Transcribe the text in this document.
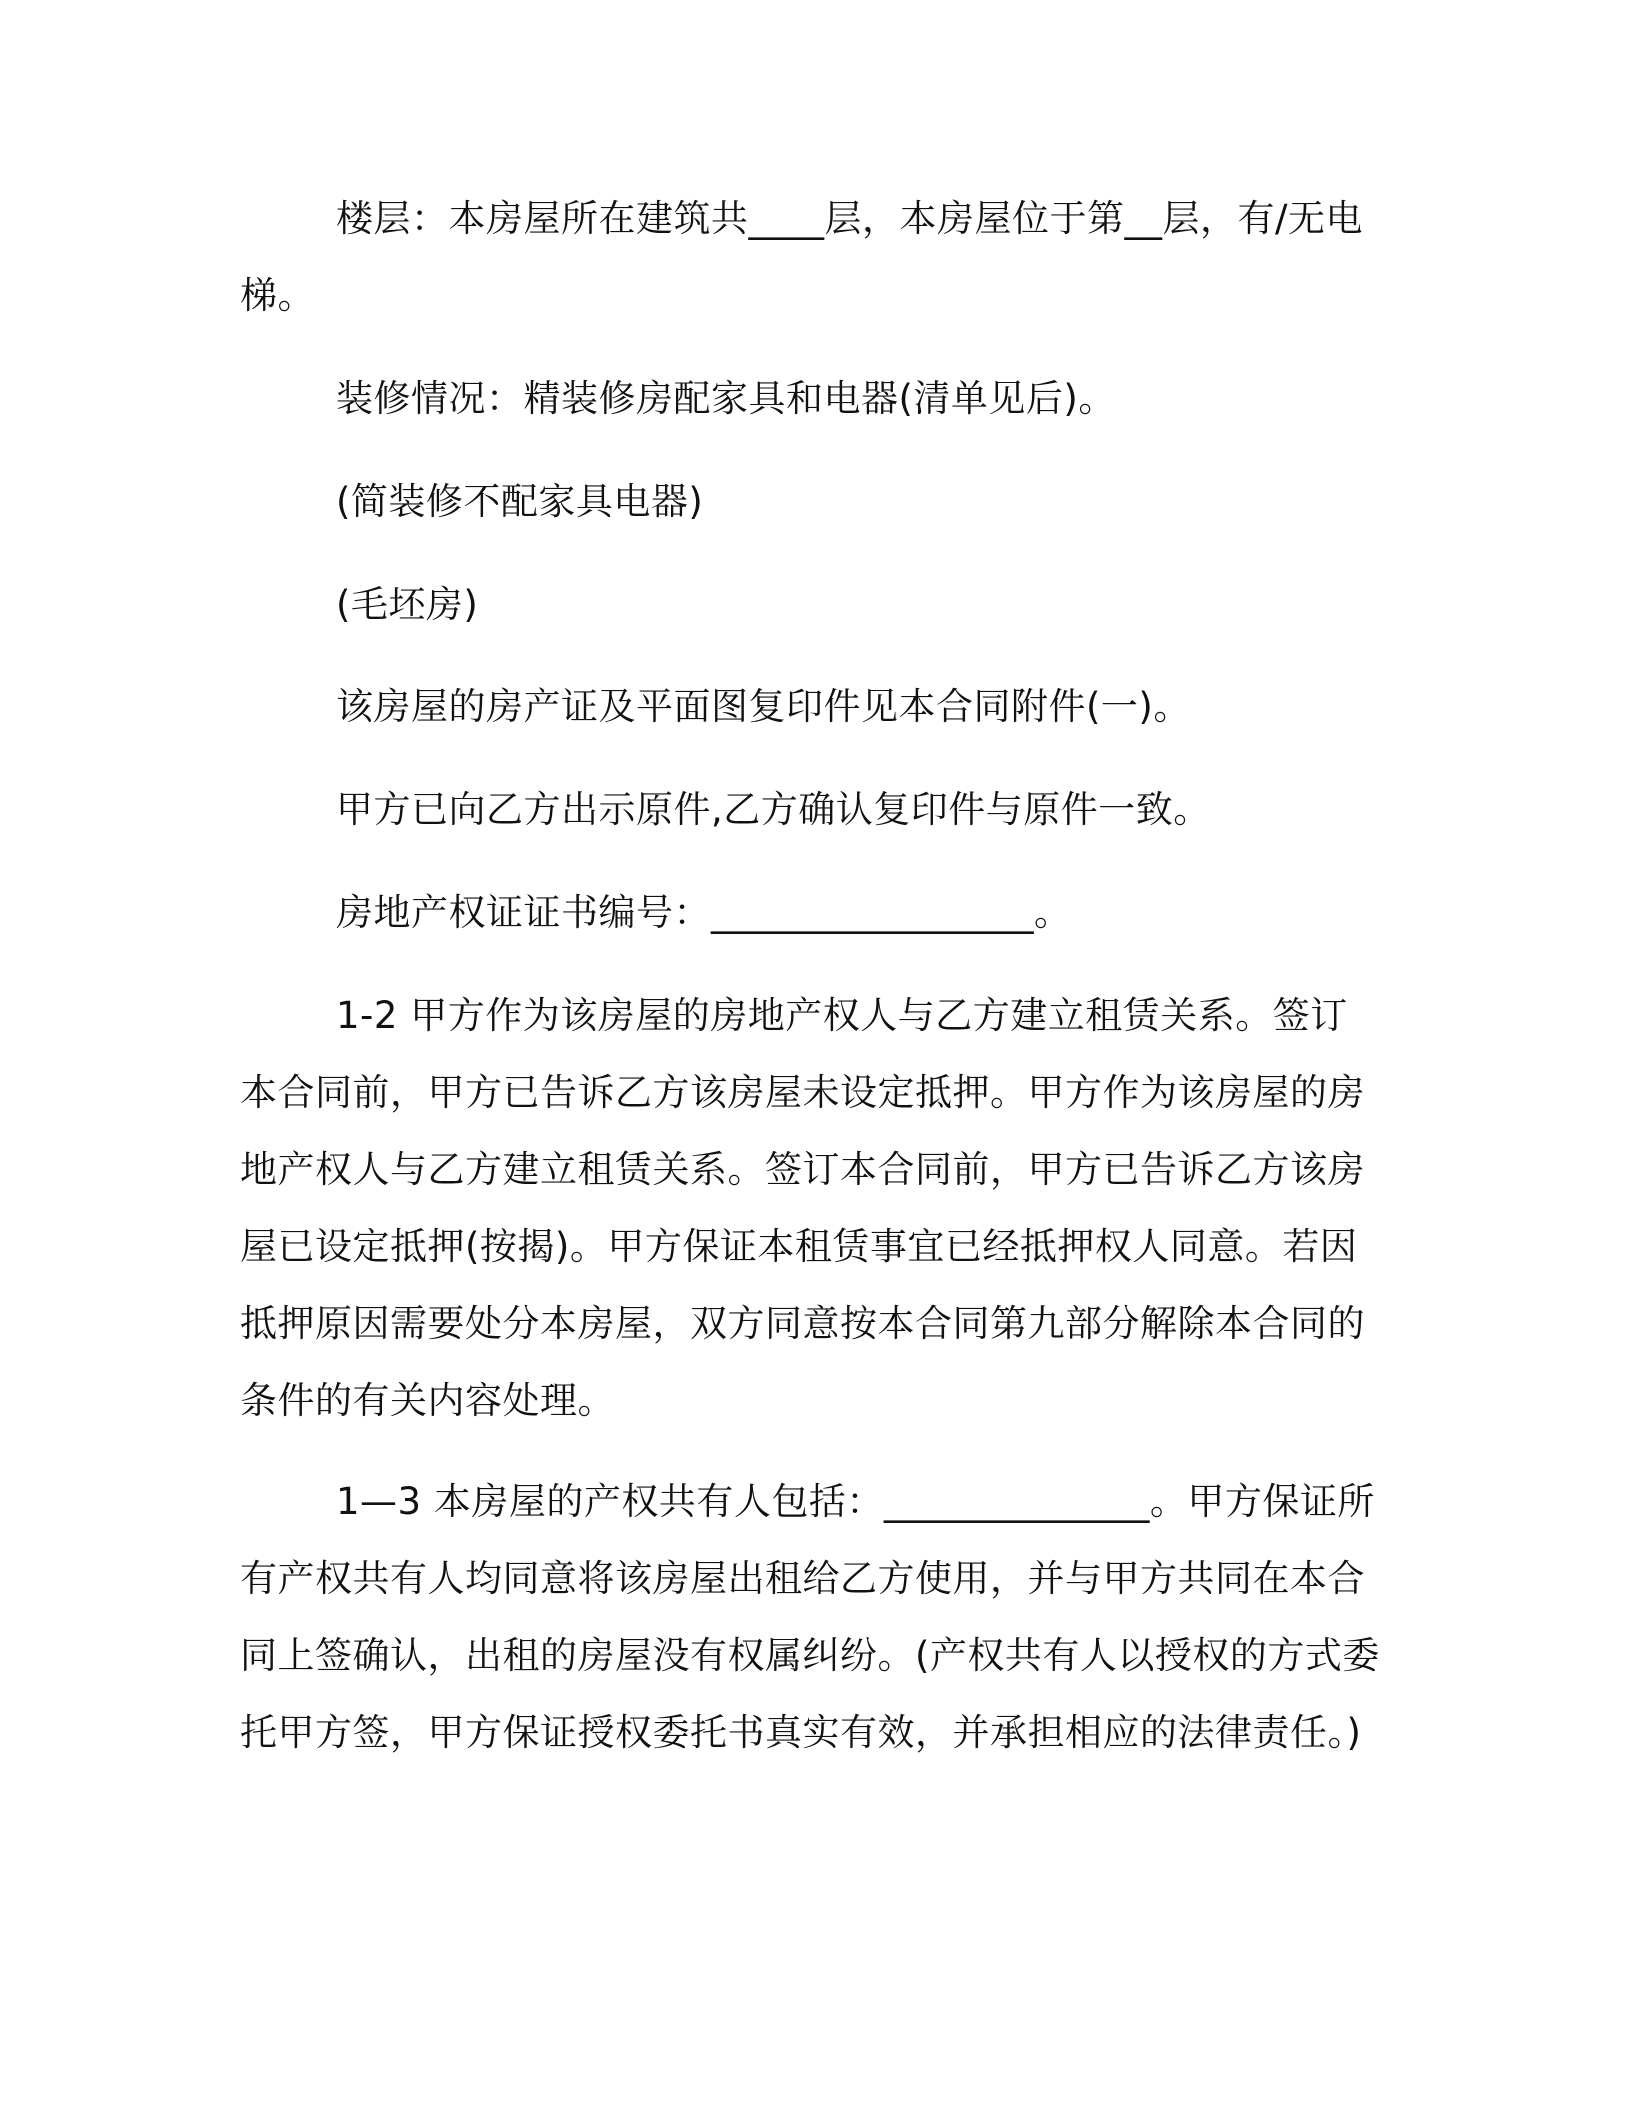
楼层：本房屋所在建筑共____层，本房屋位于第__层，有/无电梯。

装修情况：精装修房配家具和电器(清单见后)。

(简装修不配家具电器)

(毛坯房)

该房屋的房产证及平面图复印件见本合同附件(一)。

甲方已向乙方出示原件,乙方确认复印件与原件一致。

房地产权证证书编号：_________________。

1-2 甲方作为该房屋的房地产权人与乙方建立租赁关系。签订本合同前，甲方已告诉乙方该房屋未设定抵押。甲方作为该房屋的房地产权人与乙方建立租赁关系。签订本合同前，甲方已告诉乙方该房屋已设定抵押(按揭)。甲方保证本租赁事宜已经抵押权人同意。若因抵押原因需要处分本房屋，双方同意按本合同第九部分解除本合同的条件的有关内容处理。

1—3 本房屋的产权共有人包括：______________。甲方保证所有产权共有人均同意将该房屋出租给乙方使用，并与甲方共同在本合同上签确认，出租的房屋没有权属纠纷。(产权共有人以授权的方式委托甲方签，甲方保证授权委托书真实有效，并承担相应的法律责任。)
